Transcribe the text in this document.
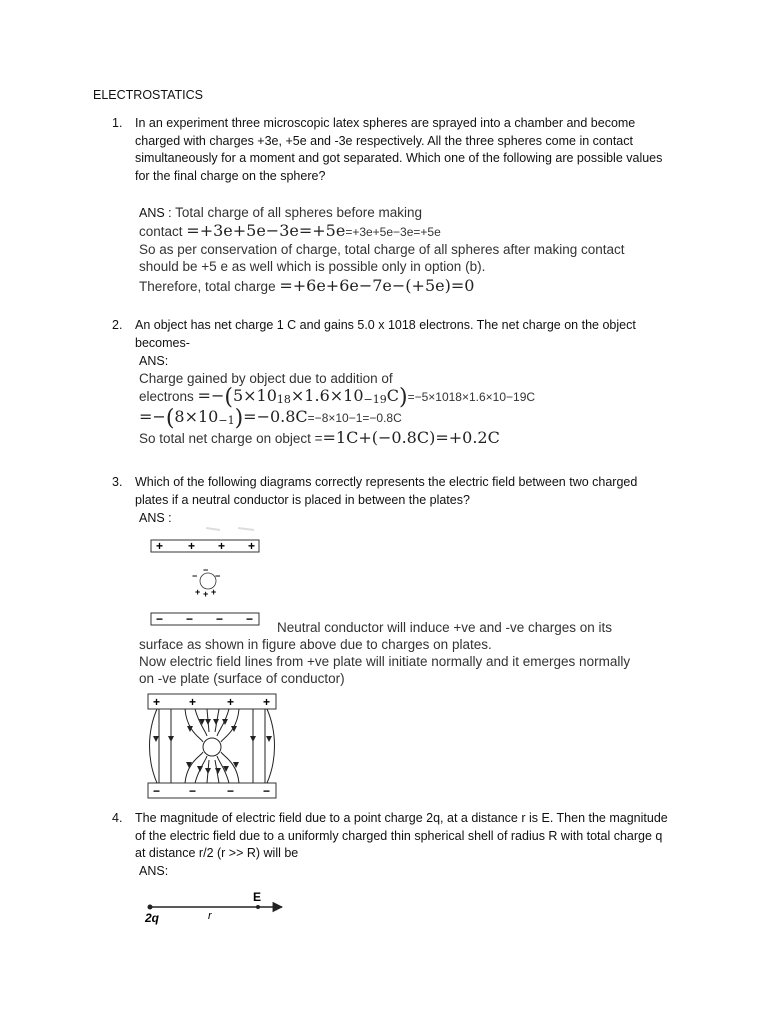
ELECTROSTATICS
1. In an experiment three microscopic latex spheres are sprayed into a chamber and become charged with charges +3e, +5e and -3e respectively. All the three spheres come in contact simultaneously for a moment and got separated. Which one of the following are possible values for the final charge on the sphere?
ANS : Total charge of all spheres before making
contact =+3e+5e−3e=+5e=+3e+5e−3e=+5e
So as per conservation of charge, total charge of all spheres after making contact
should be +5 e as well which is possible only in option (b).
Therefore, total charge =+6e+6e−7e−(+5e)=0
2. An object has net charge 1 C and gains 5.0 x 1018 electrons. The net charge on the object becomes-
ANS:
Charge gained by object due to addition of
electrons =−(5×1018×1.6×10−19C)=−5×1018×1.6×10−19C
=−(8×10−1)=−0.8C=−8×10−1=−0.8C
So total net charge on object ==1C+(−0.8C)=+0.2C
3. Which of the following diagrams correctly represents the electric field between two charged plates if a neutral conductor is placed in between the plates?
ANS :
+ + + +
−
−
−
+ + +
− − − −
Neutral conductor will induce +ve and -ve charges on its
surface as shown in figure above due to charges on plates.
Now electric field lines from +ve plate will initiate normally and it emerges normally
on -ve plate (surface of conductor)
+ +	+ +
− −	− −
4. The magnitude of electric field due to a point charge 2q, at a distance r is E. Then the magnitude of the electric field due to a uniformly charged thin spherical shell of radius R with total charge q at distance r/2 (r >> R) will be
ANS:
2q	r
E
